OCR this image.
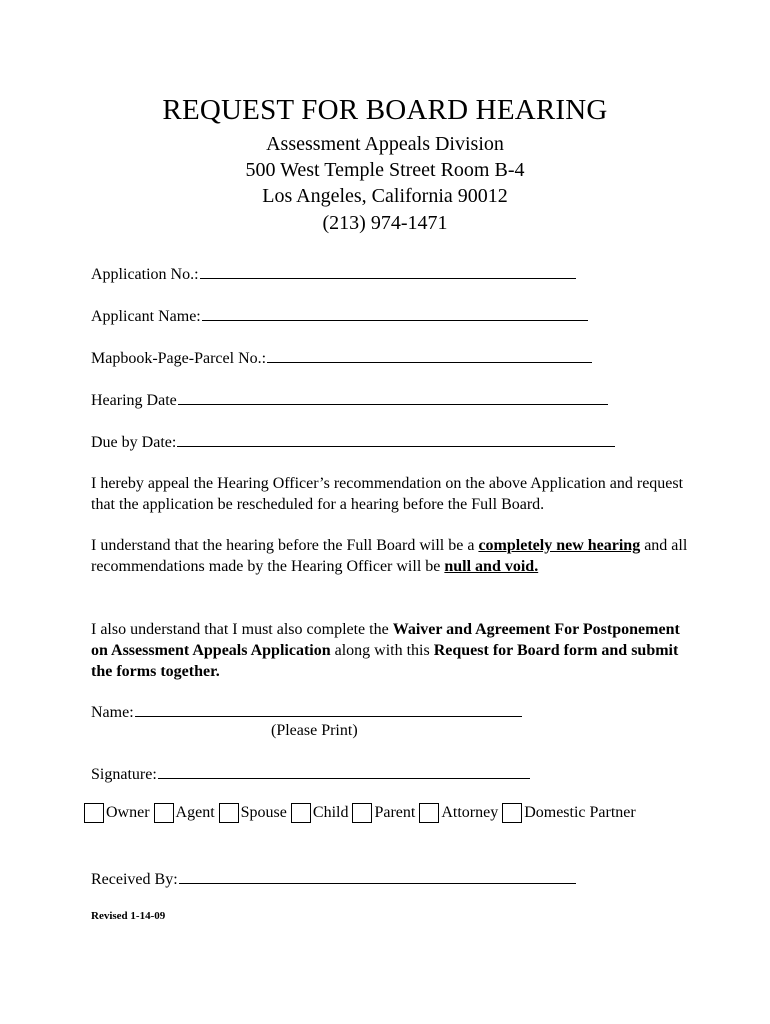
REQUEST FOR BOARD HEARING
Assessment Appeals Division
500 West Temple Street Room B-4
Los Angeles, California 90012
(213) 974-1471
Application No.:
Applicant Name:
Mapbook-Page-Parcel No.:
Hearing Date
Due by Date:
I hereby appeal the Hearing Officer’s recommendation on the above Application and request that the application be rescheduled for a hearing before the Full Board.
I understand that the hearing before the Full Board will be a completely new hearing and all recommendations made by the Hearing Officer will be null and void.
I also understand that I must also complete the Waiver and Agreement For Postponement on Assessment Appeals Application along with this Request for Board form and submit the forms together.
Name:
(Please Print)
Signature:
Owner Agent Spouse Child Parent Attorney Domestic Partner
Received By:
Revised 1-14-09
